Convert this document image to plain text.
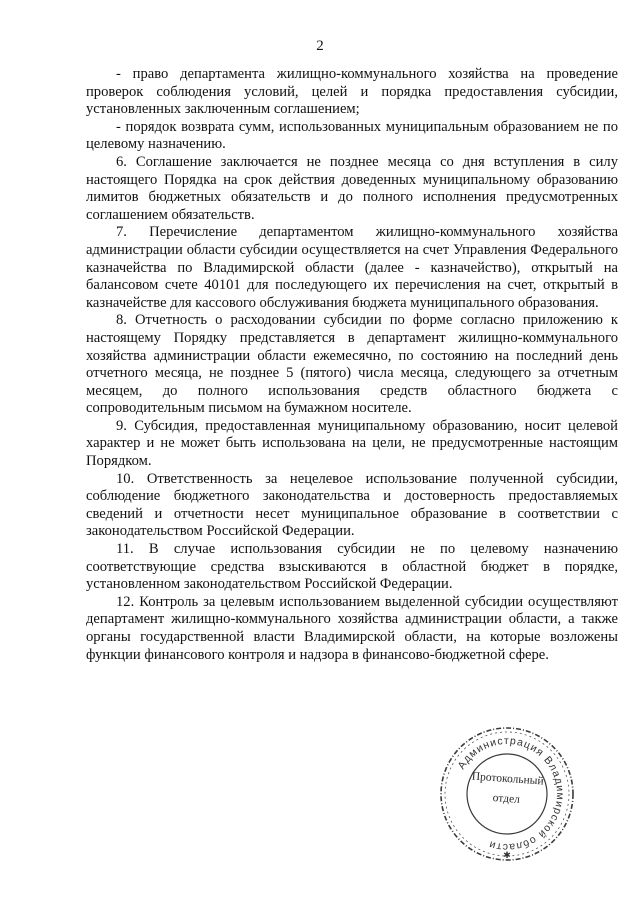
2

- право департамента жилищно-коммунального хозяйства на проведение проверок соблюдения условий, целей и порядка предоставления субсидии, установленных заключенным соглашением;

- порядок возврата сумм, использованных муниципальным образованием не по целевому назначению.

6. Соглашение заключается не позднее месяца со дня вступления в силу настоящего Порядка на срок действия доведенных муниципальному образованию лимитов бюджетных обязательств и до полного исполнения предусмотренных соглашением обязательств.

7. Перечисление департаментом жилищно-коммунального хозяйства администрации области субсидии осуществляется на счет Управления Федерального казначейства по Владимирской области (далее - казначейство), открытый на балансовом счете 40101 для последующего их перечисления на счет, открытый в казначействе для кассового обслуживания бюджета муниципального образования.

8. Отчетность о расходовании субсидии по форме согласно приложению к настоящему Порядку представляется в департамент жилищно-коммунального хозяйства администрации области ежемесячно, по состоянию на последний день отчетного месяца, не позднее 5 (пятого) числа месяца, следующего за отчетным месяцем, до полного использования средств областного бюджета с сопроводительным письмом на бумажном носителе.

9. Субсидия, предоставленная муниципальному образованию, носит целевой характер и не может быть использована на цели, не предусмотренные настоящим Порядком.

10. Ответственность за нецелевое использование полученной субсидии, соблюдение бюджетного законодательства и достоверность предоставляемых сведений и отчетности несет муниципальное образование в соответствии с законодательством Российской Федерации.

11. В случае использования субсидии не по целевому назначению соответствующие средства взыскиваются в областной бюджет в порядке, установленном законодательством Российской Федерации.

12. Контроль за целевым использованием выделенной субсидии осуществляют департамент жилищно-коммунального хозяйства администрации области, а также органы государственной власти Владимирской области, на которые возложены функции финансового контроля и надзора в финансово-бюджетной сфере.

Администрация Владимирской области
✱
Протокольный
отдел
